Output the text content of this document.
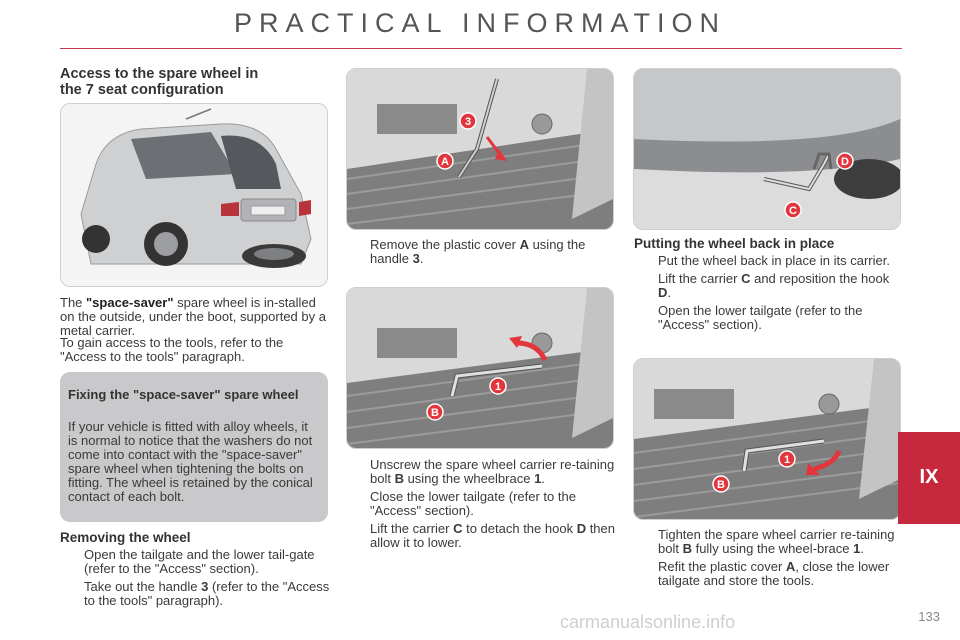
PRACTICAL INFORMATION
Access to the spare wheel in
the 7 seat configuration
The "space-saver" spare wheel is in-stalled on the outside, under the boot, supported by a metal carrier.
To gain access to the tools, refer to the "Access to the tools" paragraph.
Fixing the "space-saver" spare wheel
If your vehicle is fitted with alloy wheels, it is normal to notice that the washers do not come into contact with the "space-saver" spare wheel when tightening the bolts on fitting. The wheel is retained by the conical contact of each bolt.
Removing the wheel
Open the tailgate and the lower tail-gate (refer to the "Access" section).
Take out the handle 3 (refer to the "Access to the tools" paragraph).
3
A
Remove the plastic cover A using the handle 3.
1
B
Unscrew the spare wheel carrier re-taining bolt B using the wheelbrace 1.
Close the lower tailgate (refer to the "Access" section).
Lift the carrier C to detach the hook D then allow it to lower.
D
C
Putting the wheel back in place
Put the wheel back in place in its carrier.
Lift the carrier C and reposition the hook D.
Open the lower tailgate (refer to the "Access" section).
1
B
Tighten the spare wheel carrier re-taining bolt B fully using the wheel-brace 1.
Refit the plastic cover A, close the lower tailgate and store the tools.
IX
carmanualsonline.info	133
